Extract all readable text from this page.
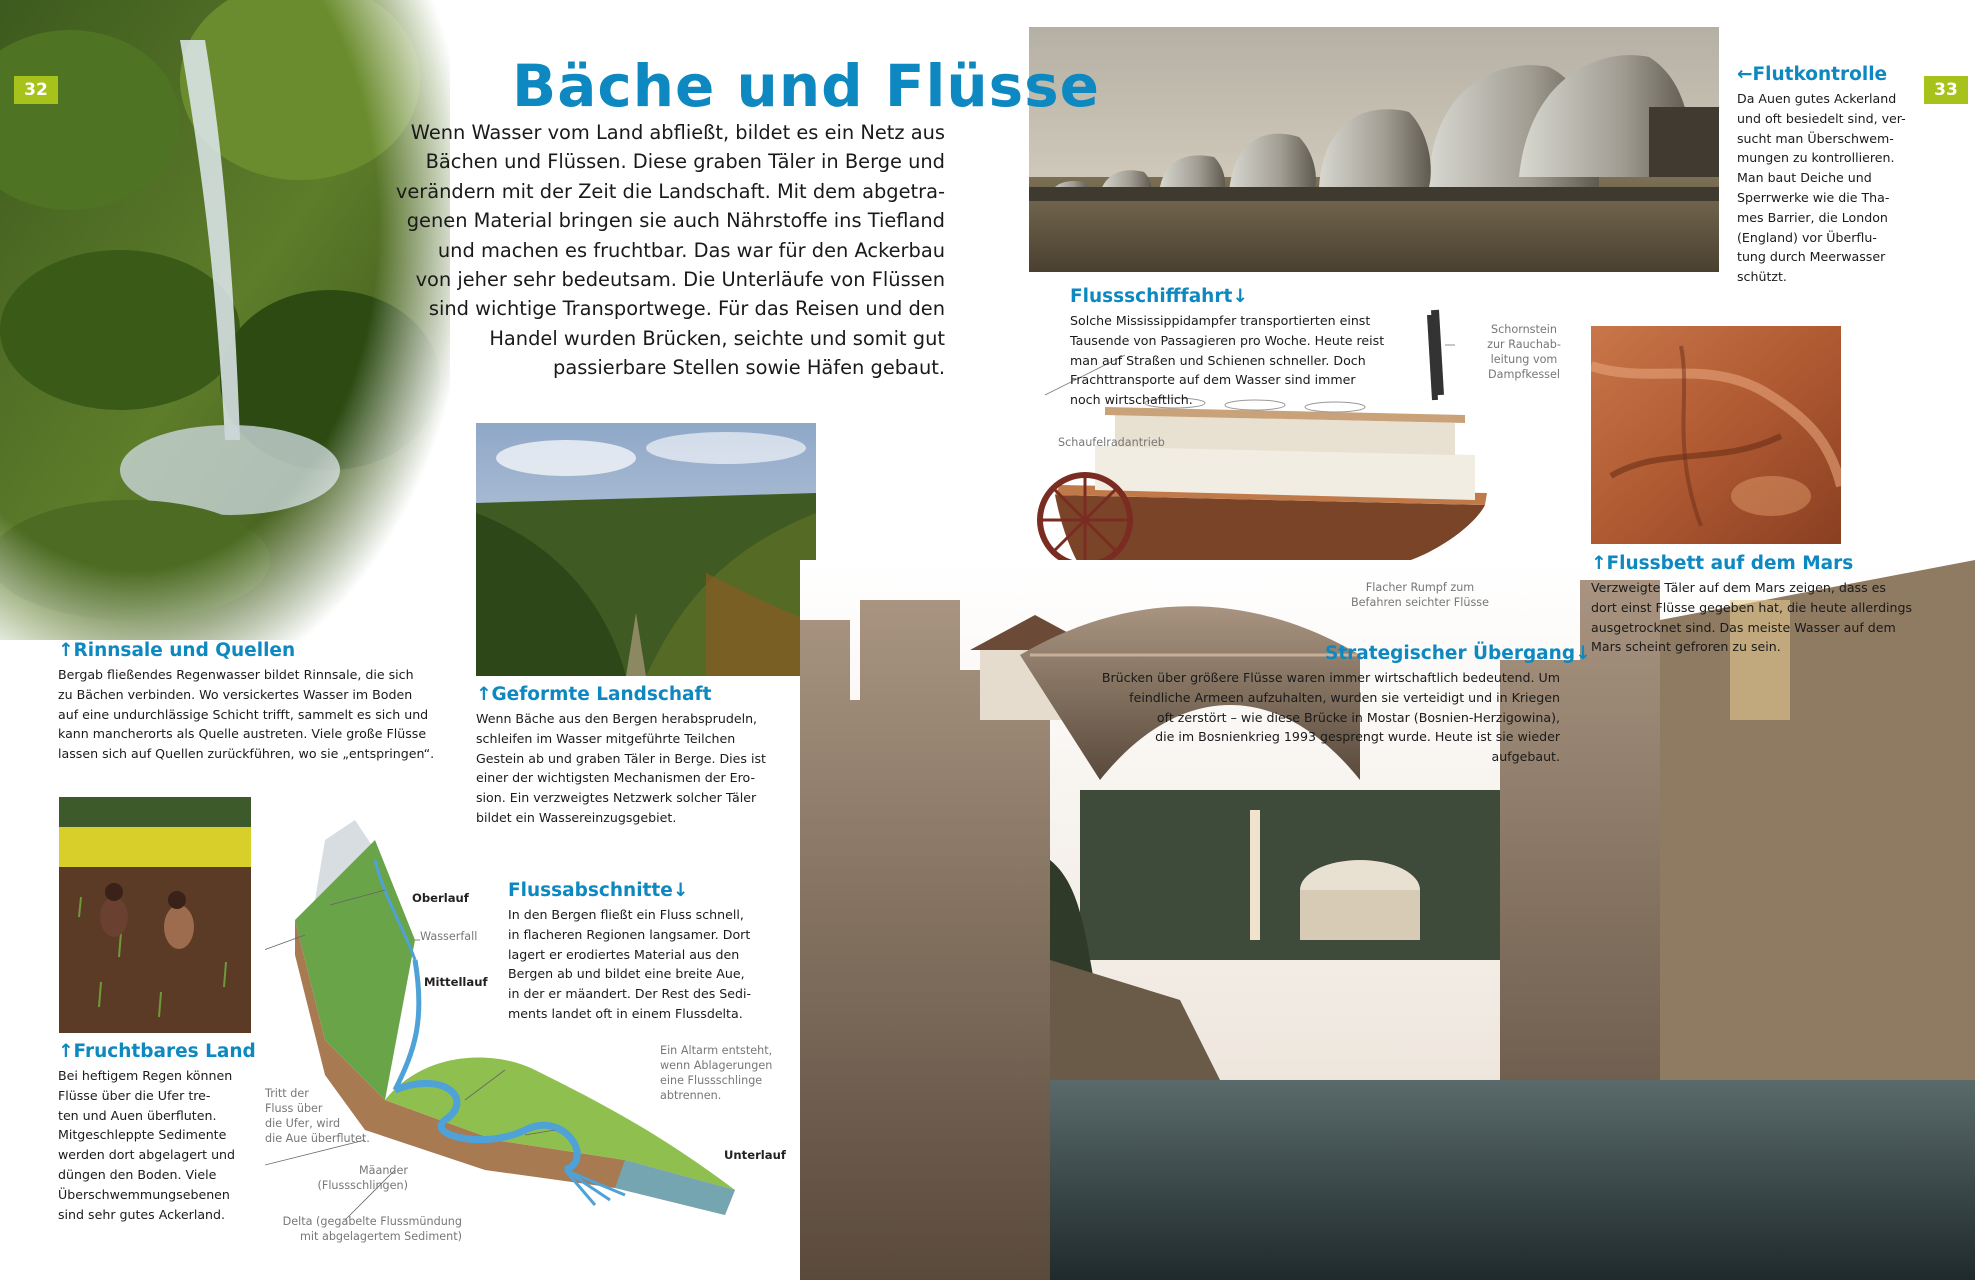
32	33
Bäche und Flüsse
Wenn Wasser vom Land abfließt, bildet es ein Netz aus
Bächen und Flüssen. Diese graben Täler in Berge und
verändern mit der Zeit die Landschaft. Mit dem abgetra-
genen Material bringen sie auch Nährstoffe ins Tiefland
und machen es fruchtbar. Das war für den Ackerbau
von jeher sehr bedeutsam. Die Unterläufe von Flüssen
sind wichtige Transportwege. Für das Reisen und den
Handel wurden Brücken, seichte und somit gut
passierbare Stellen sowie Häfen gebaut.
↑Rinnsale und Quellen
Bergab fließendes Regenwasser bildet Rinnsale, die sich
zu Bächen verbinden. Wo versickertes Wasser im Boden
auf eine undurchlässige Schicht trifft, sammelt es sich und
kann mancherorts als Quelle austreten. Viele große Flüsse
lassen sich auf Quellen zurückführen, wo sie „entspringen“.
↑Geformte Landschaft
Wenn Bäche aus den Bergen herabsprudeln,
schleifen im Wasser mitgeführte Teilchen
Gestein ab und graben Täler in Berge. Dies ist
einer der wichtigsten Mechanismen der Ero-
sion. Ein verzweigtes Netzwerk solcher Täler
bildet ein Wassereinzugsgebiet.
↑Fruchtbares Land
Bei heftigem Regen können
Flüsse über die Ufer tre-
ten und Auen überfluten.
Mitgeschleppte Sedimente
werden dort abgelagert und
düngen den Boden. Viele
Überschwemmungsebenen
sind sehr gutes Ackerland.
Flussabschnitte↓
In den Bergen fließt ein Fluss schnell,
in flacheren Regionen langsamer. Dort
lagert er erodiertes Material aus den
Bergen ab und bildet eine breite Aue,
in der er mäandert. Der Rest des Sedi-
ments landet oft in einem Flussdelta.
←Flutkontrolle
Da Auen gutes Ackerland
und oft besiedelt sind, ver-
sucht man Überschwem-
mungen zu kontrollieren.
Man baut Deiche und
Sperrwerke wie die Tha-
mes Barrier, die London
(England) vor Überflu-
tung durch Meerwasser
schützt.
Flussschifffahrt↓
Solche Mississippidampfer transportierten einst
Tausende von Passagieren pro Woche. Heute reist
man auf Straßen und Schienen schneller. Doch
Frachttransporte auf dem Wasser sind immer
noch wirtschaftlich.
↑Flussbett auf dem Mars
Verzweigte Täler auf dem Mars zeigen, dass es
dort einst Flüsse gegeben hat, die heute allerdings
ausgetrocknet sind. Das meiste Wasser auf dem
Mars scheint gefroren zu sein.
Strategischer Übergang↓
Brücken über größere Flüsse waren immer wirtschaftlich bedeutend. Um
feindliche Armeen aufzuhalten, wurden sie verteidigt und in Kriegen
oft zerstört – wie diese Brücke in Mostar (Bosnien-Herzigowina),
die im Bosnienkrieg 1993 gesprengt wurde. Heute ist sie wieder
aufgebaut.
Oberlauf
Wasserfall
Mittellauf
Unterlauf
Tritt der
Fluss über
die Ufer, wird
die Aue überflutet.
Ein Altarm entsteht,
wenn Ablagerungen
eine Flussschlinge
abtrennen.
Mäander
(Flussschlingen)
Delta (gegabelte Flussmündung
mit abgelagertem Sediment)
Schornstein
zur Rauchab-
leitung vom
Dampfkessel
Schaufelradantrieb
Flacher Rumpf zum
Befahren seichter Flüsse
